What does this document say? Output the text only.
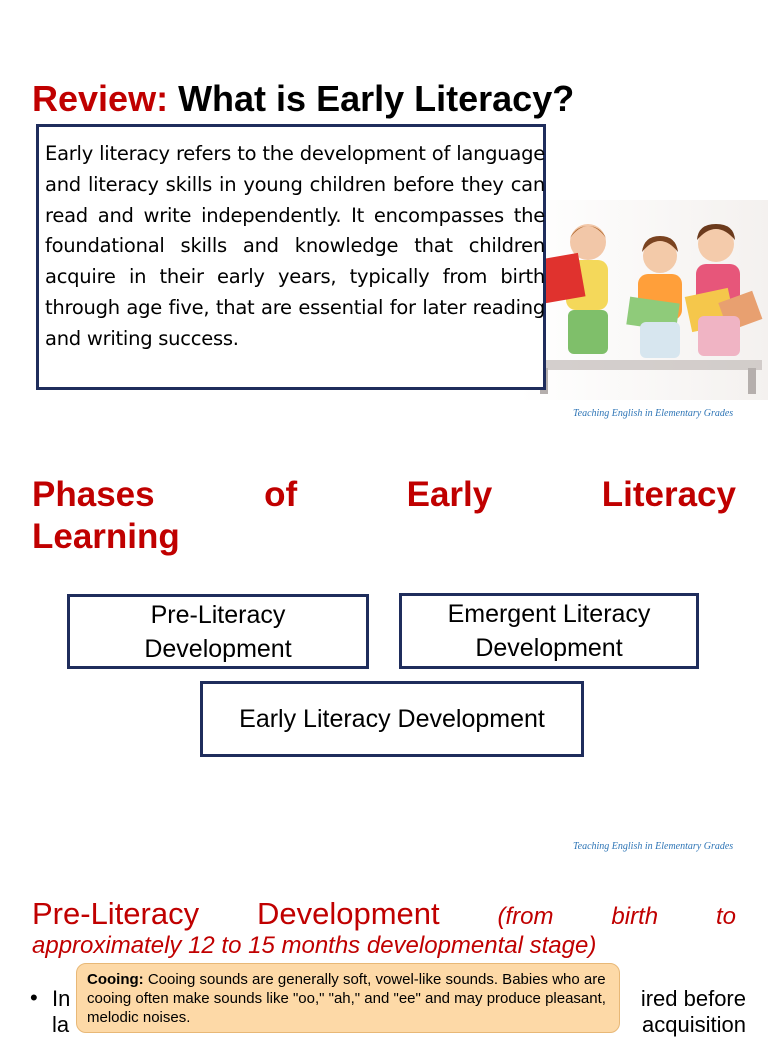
Review: What is Early Literacy?
Early literacy refers to the development of language and literacy skills in young children before they can read and write independently. It encompasses the foundational skills and knowledge that children acquire in their early years, typically from birth through age five, that are essential for later reading and writing success.
Teaching English in Elementary Grades
Phases	of	Early	Literacy
Learning
Pre-Literacy
Development
Emergent Literacy
Development
Early Literacy Development
Teaching English in Elementary Grades
Pre-Literacy Development (from birth to
approximately 12 to 15 months developmental stage)
• In
la
ired before
acquisition
Cooing: Cooing sounds are generally soft, vowel-like sounds. Babies who are cooing often make sounds like "oo," "ah," and "ee" and may produce pleasant, melodic noises.
